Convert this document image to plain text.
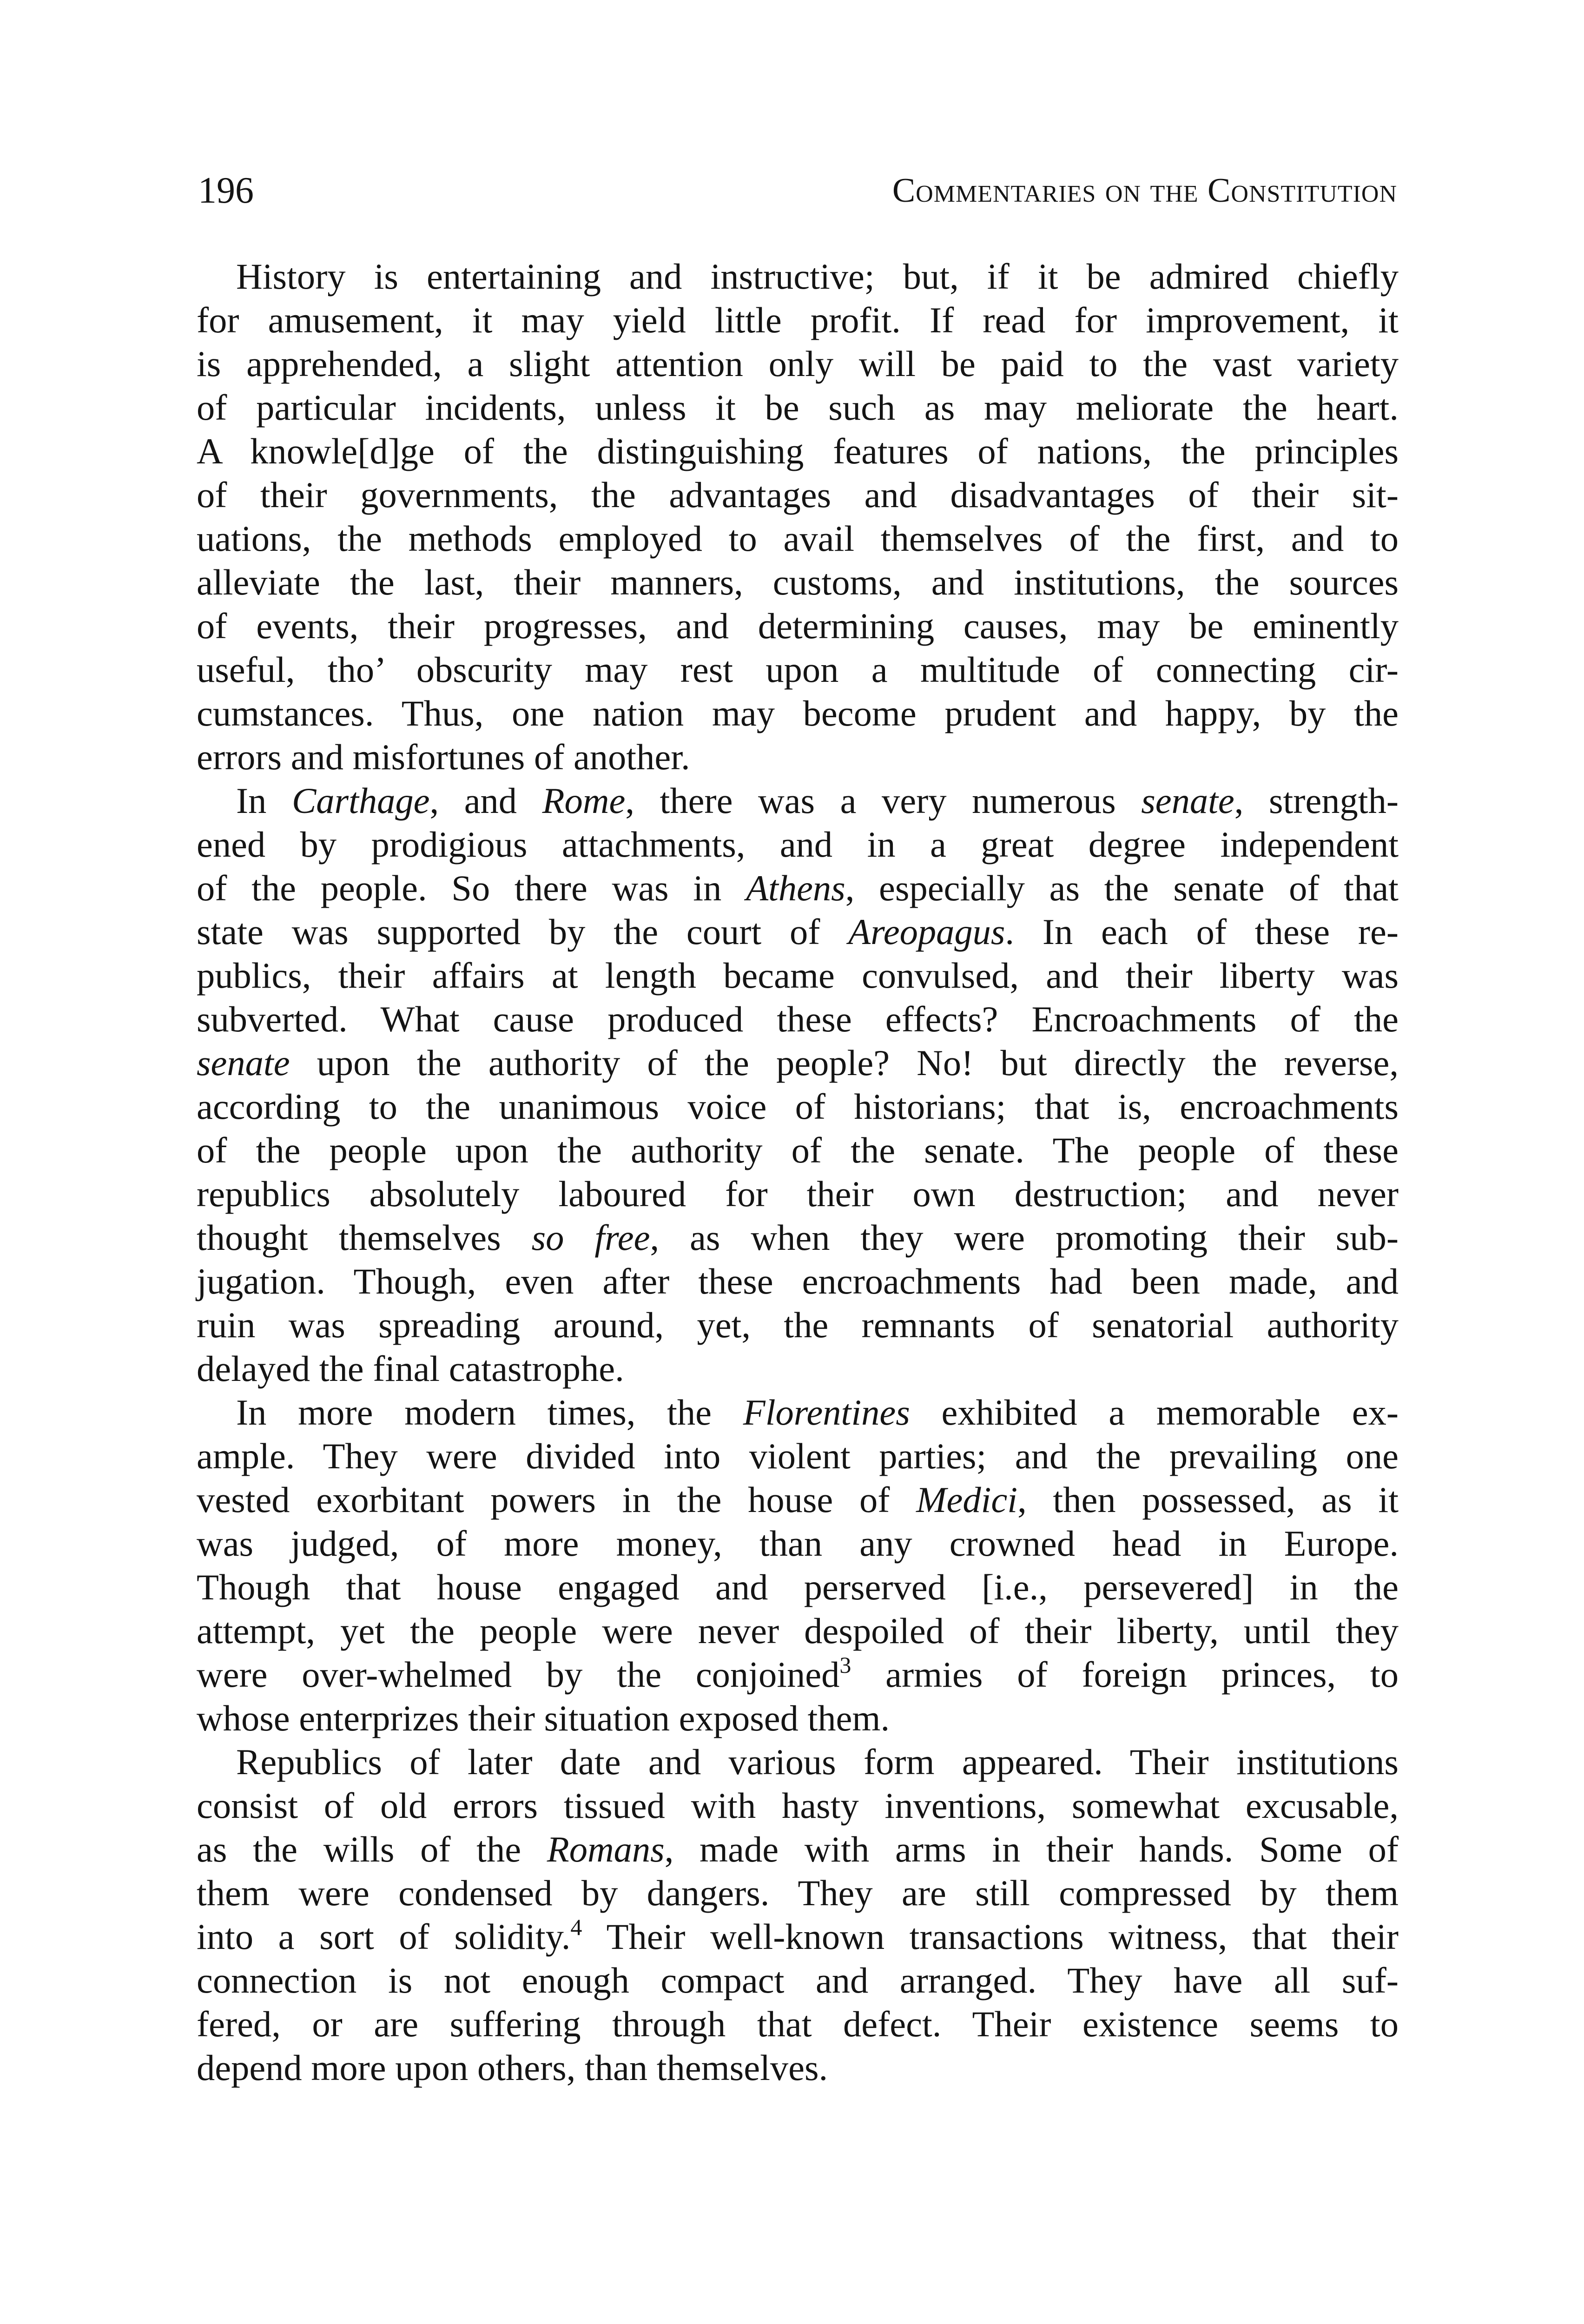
196	Commentaries on the Constitution
History is entertaining and instructive; but, if it be admired chiefly
for amusement, it may yield little profit. If read for improvement, it
is apprehended, a slight attention only will be paid to the vast variety
of particular incidents, unless it be such as may meliorate the heart.
A knowle[d]ge of the distinguishing features of nations, the principles
of their governments, the advantages and disadvantages of their sit-
uations, the methods employed to avail themselves of the first, and to
alleviate the last, their manners, customs, and institutions, the sources
of events, their progresses, and determining causes, may be eminently
useful, tho’ obscurity may rest upon a multitude of connecting cir-
cumstances. Thus, one nation may become prudent and happy, by the
errors and misfortunes of another.
In Carthage, and Rome, there was a very numerous senate, strength-
ened by prodigious attachments, and in a great degree independent
of the people. So there was in Athens, especially as the senate of that
state was supported by the court of Areopagus. In each of these re-
publics, their affairs at length became convulsed, and their liberty was
subverted. What cause produced these effects? Encroachments of the
senate upon the authority of the people? No! but directly the reverse,
according to the unanimous voice of historians; that is, encroachments
of the people upon the authority of the senate. The people of these
republics absolutely laboured for their own destruction; and never
thought themselves so free, as when they were promoting their sub-
jugation. Though, even after these encroachments had been made, and
ruin was spreading around, yet, the remnants of senatorial authority
delayed the final catastrophe.
In more modern times, the Florentines exhibited a memorable ex-
ample. They were divided into violent parties; and the prevailing one
vested exorbitant powers in the house of Medici, then possessed, as it
was judged, of more money, than any crowned head in Europe.
Though that house engaged and perserved [i.e., persevered] in the
attempt, yet the people were never despoiled of their liberty, until they
were over-whelmed by the conjoined$^3$ armies of foreign princes, to
whose enterprizes their situation exposed them.
Republics of later date and various form appeared. Their institutions
consist of old errors tissued with hasty inventions, somewhat excusable,
as the wills of the Romans, made with arms in their hands. Some of
them were condensed by dangers. They are still compressed by them
into a sort of solidity.$^4$ Their well-known transactions witness, that their
connection is not enough compact and arranged. They have all suf-
fered, or are suffering through that defect. Their existence seems to
depend more upon others, than themselves.
